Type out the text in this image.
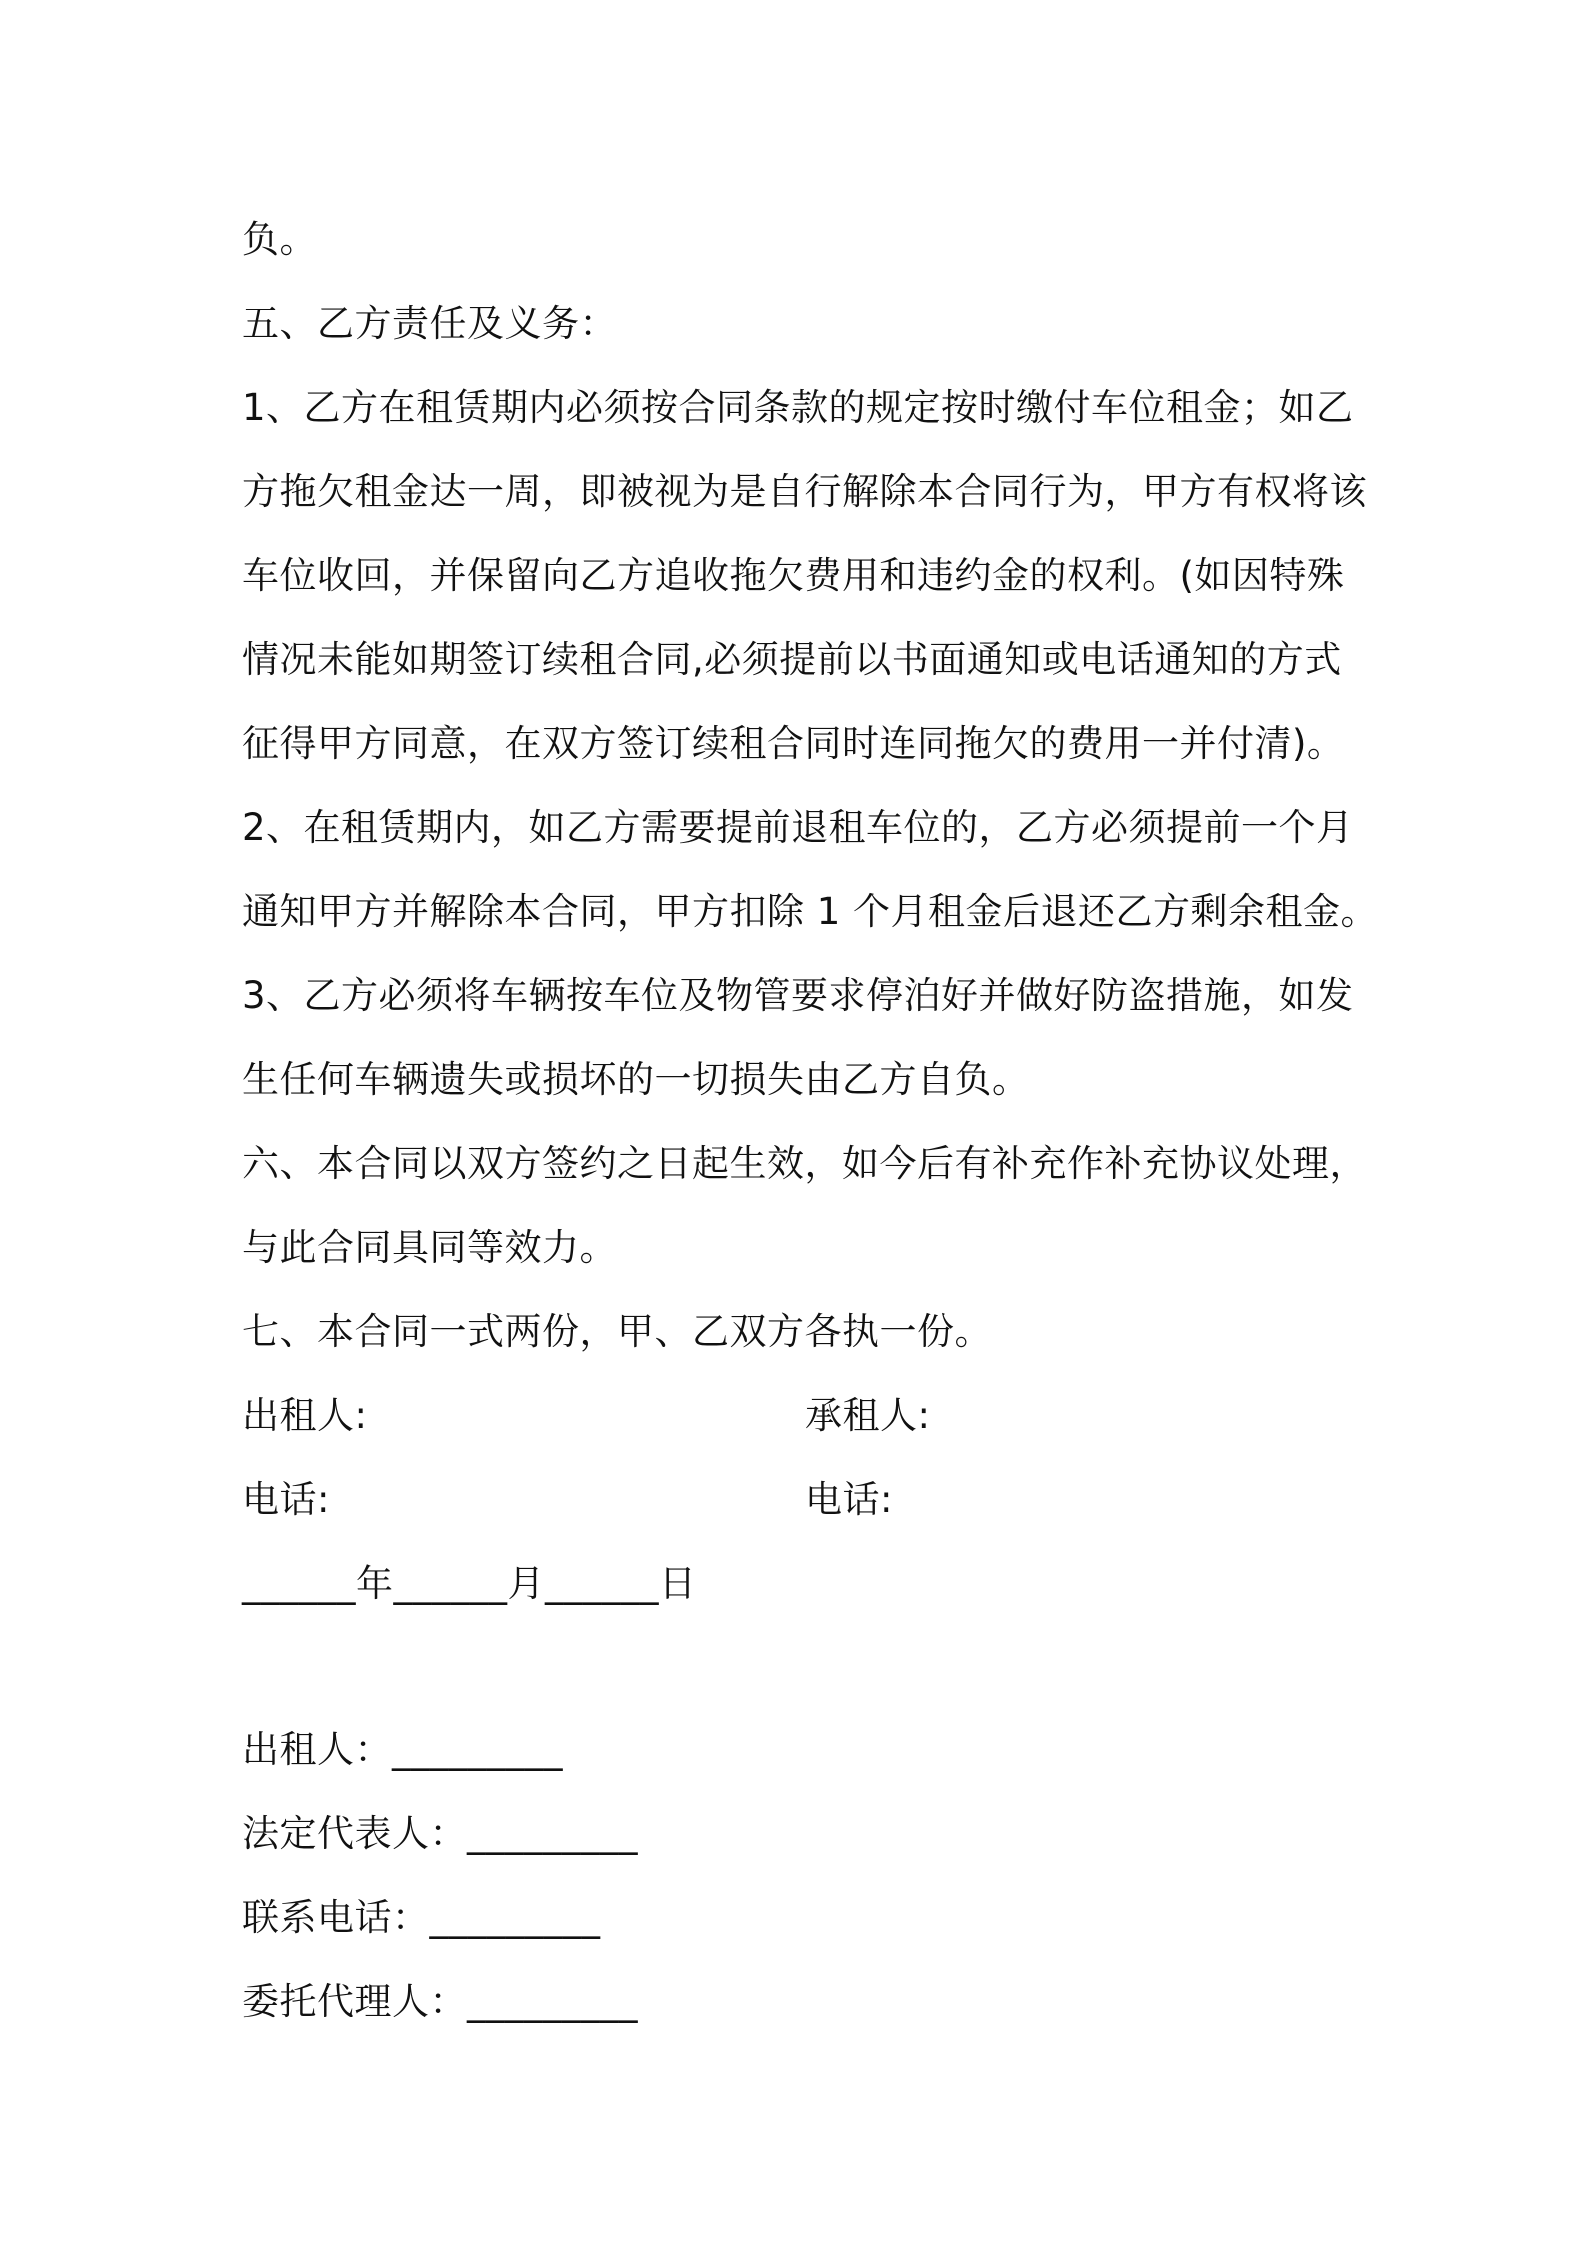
负。
五、乙方责任及义务：
1、乙方在租赁期内必须按合同条款的规定按时缴付车位租金；如乙
方拖欠租金达一周，即被视为是自行解除本合同行为，甲方有权将该
车位收回，并保留向乙方追收拖欠费用和违约金的权利。(如因特殊
情况未能如期签订续租合同,必须提前以书面通知或电话通知的方式
征得甲方同意，在双方签订续租合同时连同拖欠的费用一并付清)。
2、在租赁期内，如乙方需要提前退租车位的，乙方必须提前一个月
通知甲方并解除本合同，甲方扣除 1 个月租金后退还乙方剩余租金。
3、乙方必须将车辆按车位及物管要求停泊好并做好防盗措施，如发
生任何车辆遗失或损坏的一切损失由乙方自负。
六、本合同以双方签约之日起生效，如今后有补充作补充协议处理，
与此合同具同等效力。
七、本合同一式两份，甲、乙双方各执一份。
出租人:	承租人:
电话:	电话:
______年______月______日
出租人：_________
法定代表人：_________
联系电话：_________
委托代理人：_________
